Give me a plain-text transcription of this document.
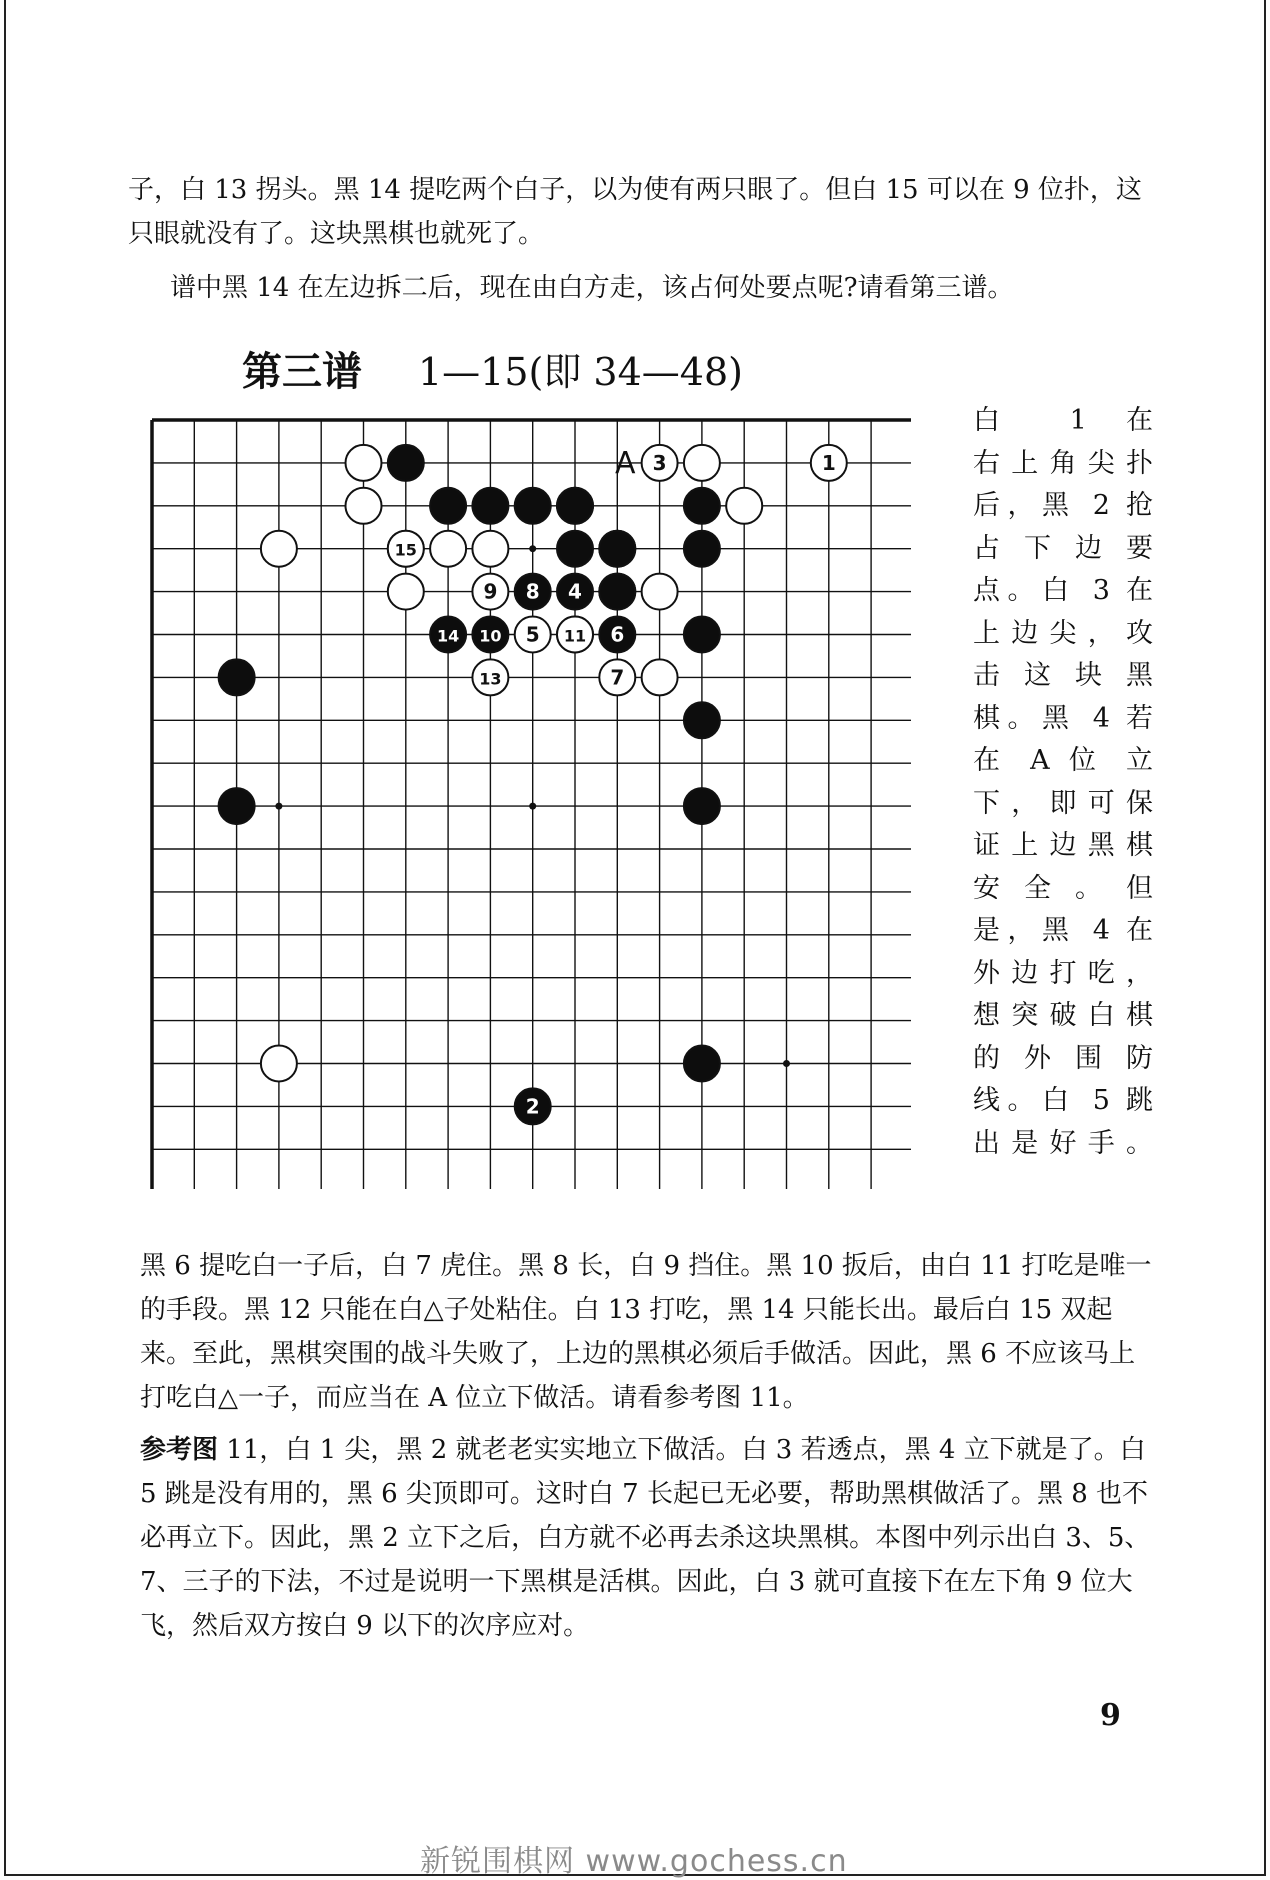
子，白 13 拐头。黑 14 提吃两个白子，以为使有两只眼了。但白 15 可以在 9 位扑，这只眼就没有了。这块黑棋也就死了。

谱中黑 14 在左边拆二后，现在由白方走，该占何处要点呢?请看第三谱。

第三谱 1—15(即 34—48)
1
3
5
7
9
11
13
15
2
4
6
8
10
14
A
白 1 在
右上角尖扑
后，黑 2 抢
占 下 边 要
点。白 3 在
上边尖，攻
击 这 块 黑
棋。黑 4 若
在 A 位 立
下，即可保
证上边黑棋
安 全 。 但
是，黑 4 在
外边打吃，
想突破白棋
的 外 围 防
线。白 5 跳
出是好手。

黑 6 提吃白一子后，白 7 虎住。黑 8 长，白 9 挡住。黑 10 扳后，由白 11 打吃是唯一的手段。黑 12 只能在白△子处粘住。白 13 打吃，黑 14 只能长出。最后白 15 双起来。至此，黑棋突围的战斗失败了，上边的黑棋必须后手做活。因此，黑 6 不应该马上打吃白△一子，而应当在 A 位立下做活。请看参考图 11。

参考图 11，白 1 尖，黑 2 就老老实实地立下做活。白 3 若透点，黑 4 立下就是了。白 5 跳是没有用的，黑 6 尖顶即可。这时白 7 长起已无必要，帮助黑棋做活了。黑 8 也不必再立下。因此，黑 2 立下之后，白方就不必再去杀这块黑棋。本图中列示出白 3、5、7、三子的下法，不过是说明一下黑棋是活棋。因此，白 3 就可直接下在左下角 9 位大飞，然后双方按白 9 以下的次序应对。

9
新锐围棋网 www.gochess.cn
